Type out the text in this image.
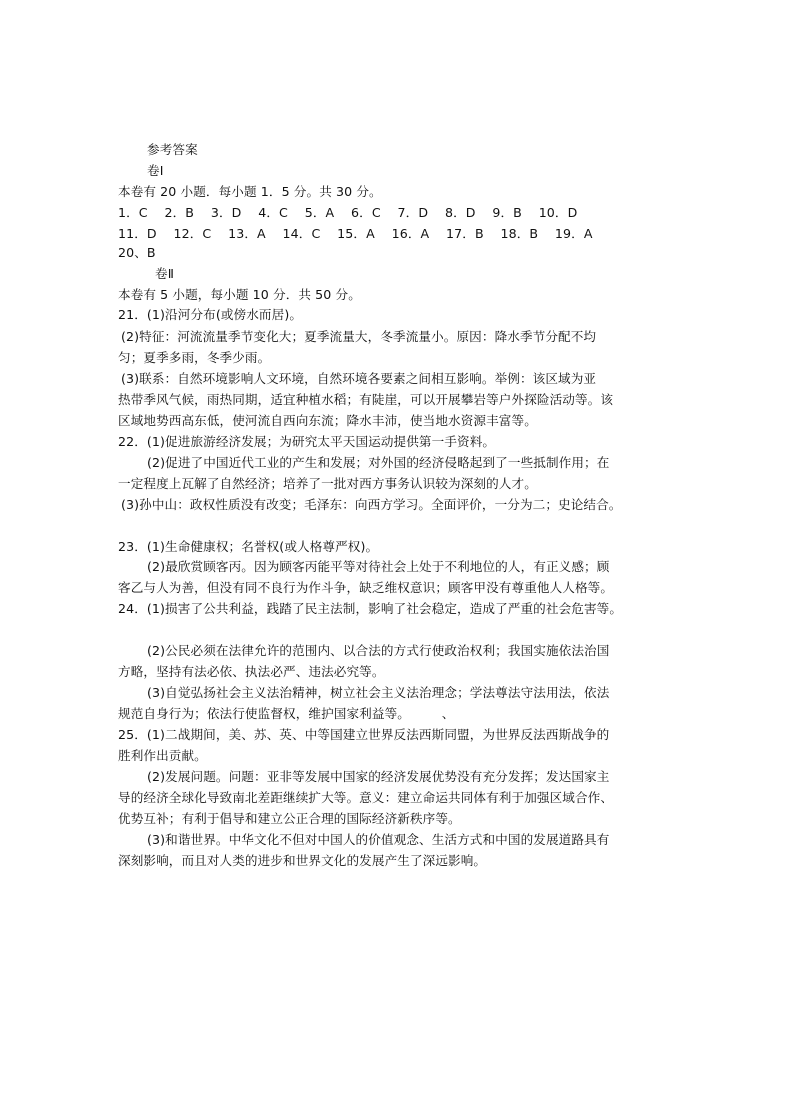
参考答案
卷Ⅰ
本卷有 20 小题．每小题 1．5 分。共 30 分。
1．C　 2．B　 3．D　 4．C　 5．A　 6．C　 7．D　 8．D　 9．B　 10．D
11．D　 12．C　 13．A　 14．C　 15．A　 16．A　 17．B　 18．B　 19．A
20、B
卷Ⅱ
本卷有 5 小题，每小题 10 分．共 50 分。
21．(1)沿河分布(或傍水而居)。
(2)特征：河流流量季节变化大；夏季流量大，冬季流量小。原因：降水季节分配不均
匀；夏季多雨，冬季少雨。
(3)联系：自然环境影响人文环境，自然环境各要素之间相互影响。举例：该区域为亚
热带季风气候，雨热同期，适宜种植水稻；有陡崖，可以开展攀岩等户外探险活动等。该
区域地势西高东低，使河流自西向东流；降水丰沛，使当地水资源丰富等。
22．(1)促进旅游经济发展；为研究太平天国运动提供第一手资料。
(2)促进了中国近代工业的产生和发展；对外国的经济侵略起到了一些抵制作用；在
一定程度上瓦解了自然经济；培养了一批对西方事务认识较为深刻的人才。
(3)孙中山：政权性质没有改变；毛泽东：向西方学习。全面评价，一分为二；史论结合。
23．(1)生命健康权；名誉权(或人格尊严权)。
(2)最欣赏顾客丙。因为顾客丙能平等对待社会上处于不利地位的人，有正义感；顾
客乙与人为善，但没有同不良行为作斗争，缺乏维权意识；顾客甲没有尊重他人人格等。
24．(1)损害了公共利益，践踏了民主法制，影响了社会稳定，造成了严重的社会危害等。
(2)公民必须在法律允许的范围内、以合法的方式行使政治权利；我国实施依法治国
方略，坚持有法必依、执法必严、违法必究等。
(3)自觉弘扬社会主义法治精神，树立社会主义法治理念；学法尊法守法用法，依法
规范自身行为；依法行使监督权，维护国家利益等。　　　、
25．(1)二战期间，美、苏、英、中等国建立世界反法西斯同盟，为世界反法西斯战争的
胜利作出贡献。
(2)发展问题。问题：亚非等发展中国家的经济发展优势没有充分发挥；发达国家主
导的经济全球化导致南北差距继续扩大等。意义：建立命运共同体有利于加强区域合作、
优势互补；有利于倡导和建立公正合理的国际经济新秩序等。
(3)和谐世界。中华文化不但对中国人的价值观念、生活方式和中国的发展道路具有
深刻影响，而且对人类的进步和世界文化的发展产生了深远影响。
